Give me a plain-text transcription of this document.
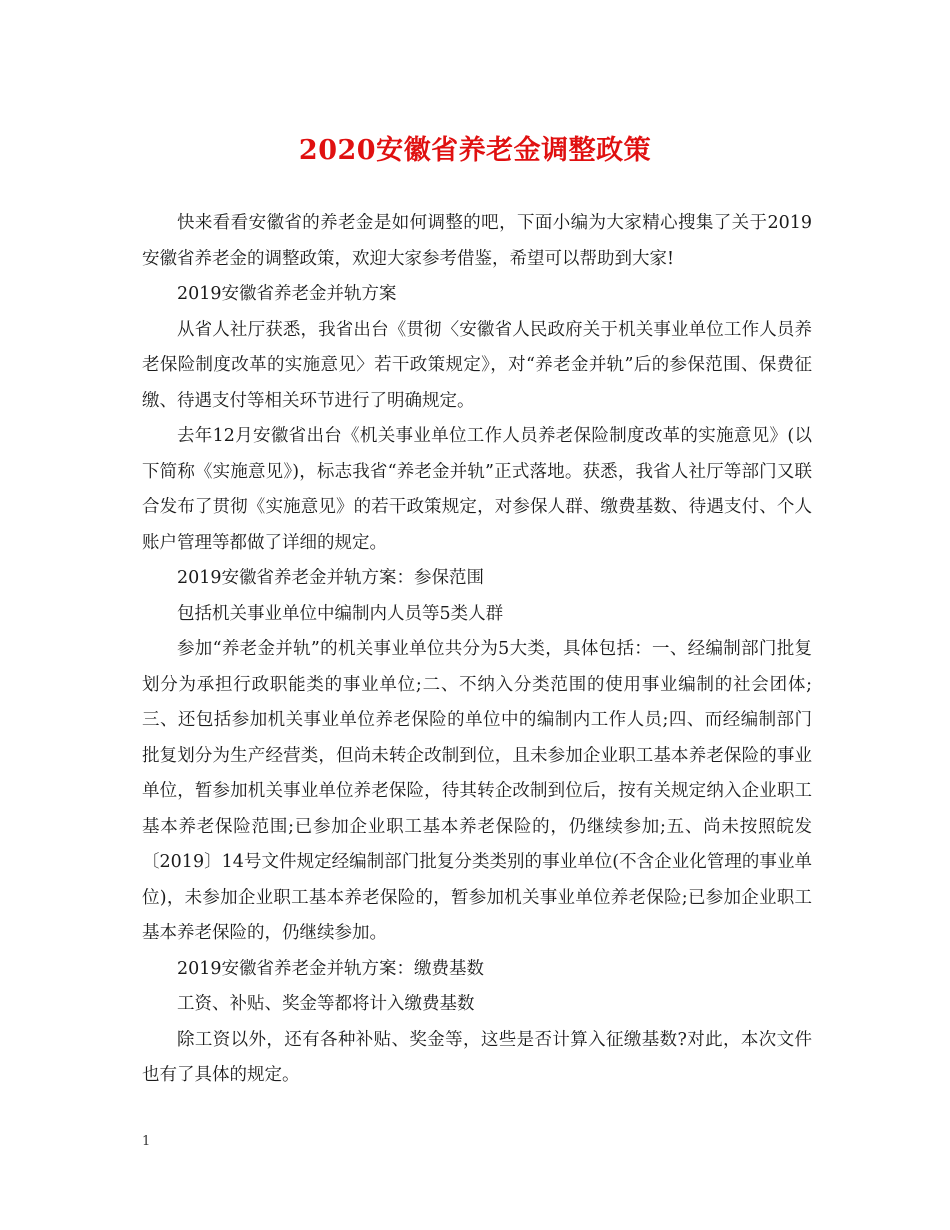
2020安徽省养老金调整政策

快来看看安徽省的养老金是如何调整的吧，下面小编为大家精心搜集了关于2019安徽省养老金的调整政策，欢迎大家参考借鉴，希望可以帮助到大家!

2019安徽省养老金并轨方案

从省人社厅获悉，我省出台《贯彻〈安徽省人民政府关于机关事业单位工作人员养老保险制度改革的实施意见〉若干政策规定》，对“养老金并轨”后的参保范围、保费征缴、待遇支付等相关环节进行了明确规定。

去年12月安徽省出台《机关事业单位工作人员养老保险制度改革的实施意见》(以下简称《实施意见》)，标志我省“养老金并轨”正式落地。获悉，我省人社厅等部门又联合发布了贯彻《实施意见》的若干政策规定，对参保人群、缴费基数、待遇支付、个人账户管理等都做了详细的规定。

2019安徽省养老金并轨方案：参保范围

包括机关事业单位中编制内人员等5类人群

参加“养老金并轨”的机关事业单位共分为5大类，具体包括：一、经编制部门批复划分为承担行政职能类的事业单位;二、不纳入分类范围的使用事业编制的社会团体;三、还包括参加机关事业单位养老保险的单位中的编制内工作人员;四、而经编制部门批复划分为生产经营类，但尚未转企改制到位，且未参加企业职工基本养老保险的事业单位，暂参加机关事业单位养老保险，待其转企改制到位后，按有关规定纳入企业职工基本养老保险范围;已参加企业职工基本养老保险的，仍继续参加;五、尚未按照皖发〔2019〕14号文件规定经编制部门批复分类类别的事业单位(不含企业化管理的事业单位)，未参加企业职工基本养老保险的，暂参加机关事业单位养老保险;已参加企业职工基本养老保险的，仍继续参加。

2019安徽省养老金并轨方案：缴费基数

工资、补贴、奖金等都将计入缴费基数

除工资以外，还有各种补贴、奖金等，这些是否计算入征缴基数?对此，本次文件也有了具体的规定。

1
